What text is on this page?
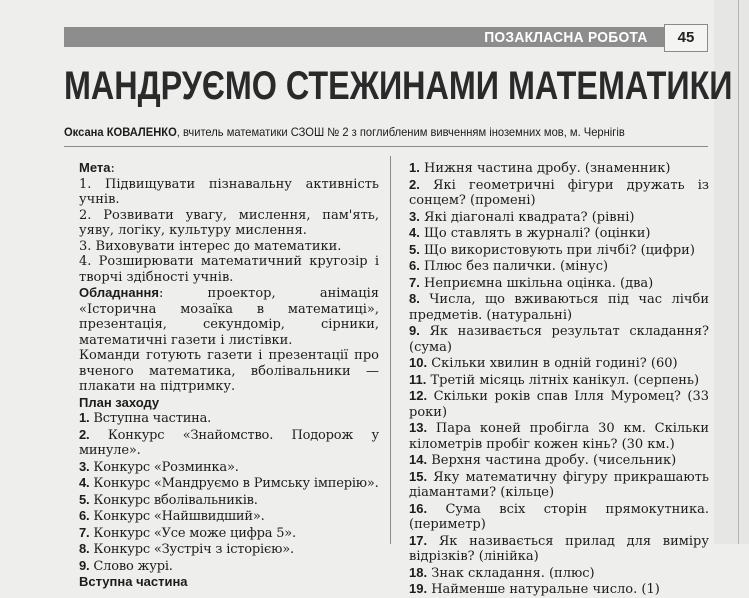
ПОЗАКЛАСНА РОБОТА	45
МАНДРУЄМО СТЕЖИНАМИ МАТЕМАТИКИ
Оксана КОВАЛЕНКО, вчитель математики СЗОШ № 2 з поглибленим вивченням іноземних мов, м. Чернігів

Мета:

1. Підвищувати пізнавальну активність учнів.

2. Розвивати увагу, мислення, пам'ять, уяву, логіку, культуру мислення.

3. Виховувати інтерес до математики.

4. Розширювати математичний кругозір і творчі здібності учнів.

Обладнання: проектор, анімація «Історична мозаїка в математиці», презентація, секундомір, сірники, математичні газети і листівки.

Команди готують газети і презентації про вченого математика, вболівальники — плакати на підтримку.

План заходу

1. Вступна частина.

2. Конкурс «Знайомство. Подорож у минуле».

3. Конкурс «Розминка».

4. Конкурс «Мандруємо в Римську імперію».

5. Конкурс вболівальників.

6. Конкурс «Найшвидший».

7. Конкурс «Усе може цифра 5».

8. Конкурс «Зустріч з історією».

9. Слово журі.

Вступна частина

1. Нижня частина дробу. (знаменник)

2. Які геометричні фігури дружать із сонцем? (промені)

3. Які діагоналі квадрата? (рівні)

4. Що ставлять в журналі? (оцінки)

5. Що використовують при лічбі? (цифри)

6. Плюс без палички. (мінус)

7. Неприємна шкільна оцінка. (два)

8. Числа, що вживаються під час лічби предметів. (натуральні)

9. Як називається результат складання? (сума)

10. Скільки хвилин в одній годині? (60)

11. Третій місяць літніх канікул. (серпень)

12. Скільки років спав Ілля Муромец? (33 роки)

13. Пара коней пробігла 30 км. Скільки кілометрів пробіг кожен кінь? (30 км.)

14. Верхня частина дробу. (чисельник)

15. Яку математичну фігуру прикрашають діамантами? (кільце)

16. Сума всіх сторін прямокутника. (периметр)

17. Як називається прилад для виміру відрізків? (лінійка)

18. Знак складання. (плюс)

19. Найменше натуральне число. (1)
